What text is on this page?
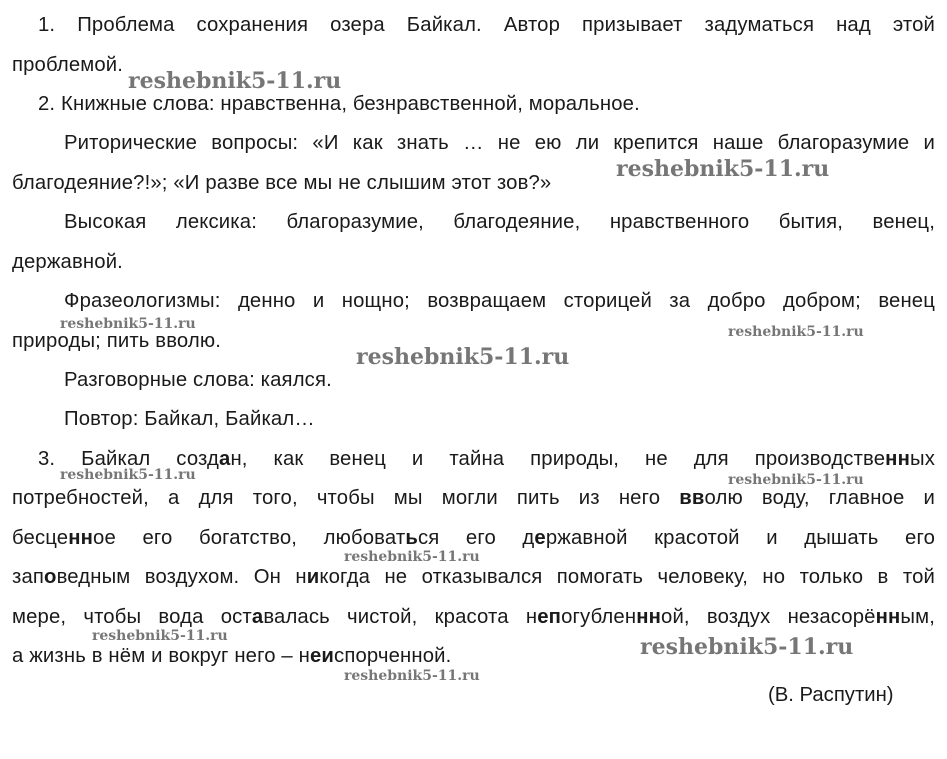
1. Проблема сохранения озера Байкал. Автор призывает задуматься над этой
проблемой.
2. Книжные слова: нравственна, безнравственной, моральное.
Риторические вопросы: «И как знать … не ею ли крепится наше благоразумие и
благодеяние?!»; «И разве все мы не слышим этот зов?»
Высокая лексика: благоразумие, благодеяние, нравственного бытия, венец,
державной.
Фразеологизмы: денно и нощно; возвращаем сторицей за добро добром; венец
природы; пить вволю.
Разговорные слова: каялся.
Повтор: Байкал, Байкал…
3. Байкал создан, как венец и тайна природы, не для производственных
потребностей, а для того, чтобы мы могли пить из него вволю воду, главное и
бесценное его богатство, любоваться его державной красотой и дышать его
заповедным воздухом. Он никогда не отказывался помогать человеку, но только в той
мере, чтобы вода оставалась чистой, красота непогубленнной, воздух незасорённым,
а жизнь в нём и вокруг него – неиспорченной.
(В. Распутин)
reshebnik5-11.ru
reshebnik5-11.ru
reshebnik5-11.ru	reshebnik5-11.ru
reshebnik5-11.ru
reshebnik5-11.ru	reshebnik5-11.ru
reshebnik5-11.ru
reshebnik5-11.ru	reshebnik5-11.ru
reshebnik5-11.ru
